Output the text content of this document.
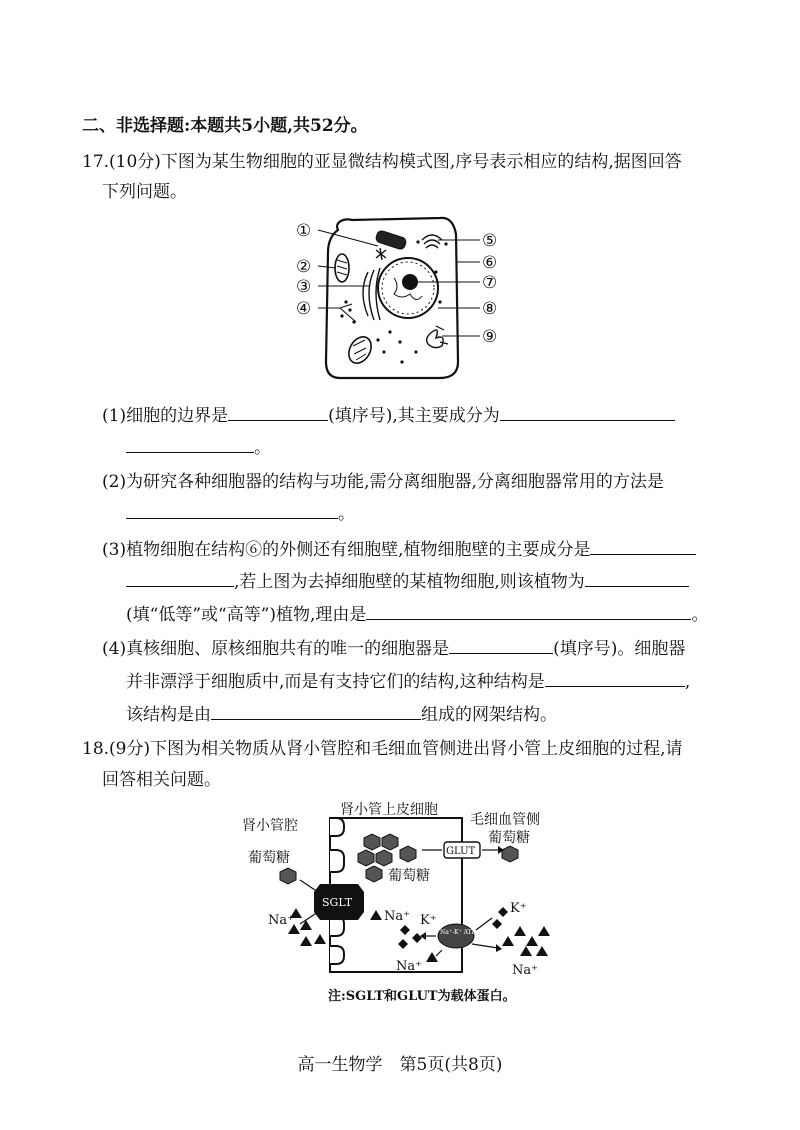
二、非选择题:本题共5小题,共52分。
17.(10分)下图为某生物细胞的亚显微结构模式图,序号表示相应的结构,据图回答
下列问题。
①
②
③
④
⑤
⑥
⑦
⑧
⑨
(1)细胞的边界是	(填序号),其主要成分为
。
(2)为研究各种细胞器的结构与功能,需分离细胞器,分离细胞器常用的方法是
。
(3)植物细胞在结构⑥的外侧还有细胞壁,植物细胞壁的主要成分是
,若上图为去掉细胞壁的某植物细胞,则该植物为
(填“低等”或“高等”)植物,理由是	。
(4)真核细胞、原核细胞共有的唯一的细胞器是	(填序号)。细胞器
并非漂浮于细胞质中,而是有支持它们的结构,这种结构是	,
该结构是由	组成的网架结构。
18.(9分)下图为相关物质从肾小管腔和毛细血管侧进出肾小管上皮细胞的过程,请
回答相关问题。
肾小管腔
肾小管上皮细胞
毛细血管侧
葡萄糖
葡萄糖
葡萄糖
GLUT
SGLT
Na⁺	Na⁺
Na⁺	Na⁺
K⁺
K⁺
Na⁺-K⁺ ATP酶
注:SGLT和GLUT为载体蛋白。
高一生物学　第5页(共8页)
